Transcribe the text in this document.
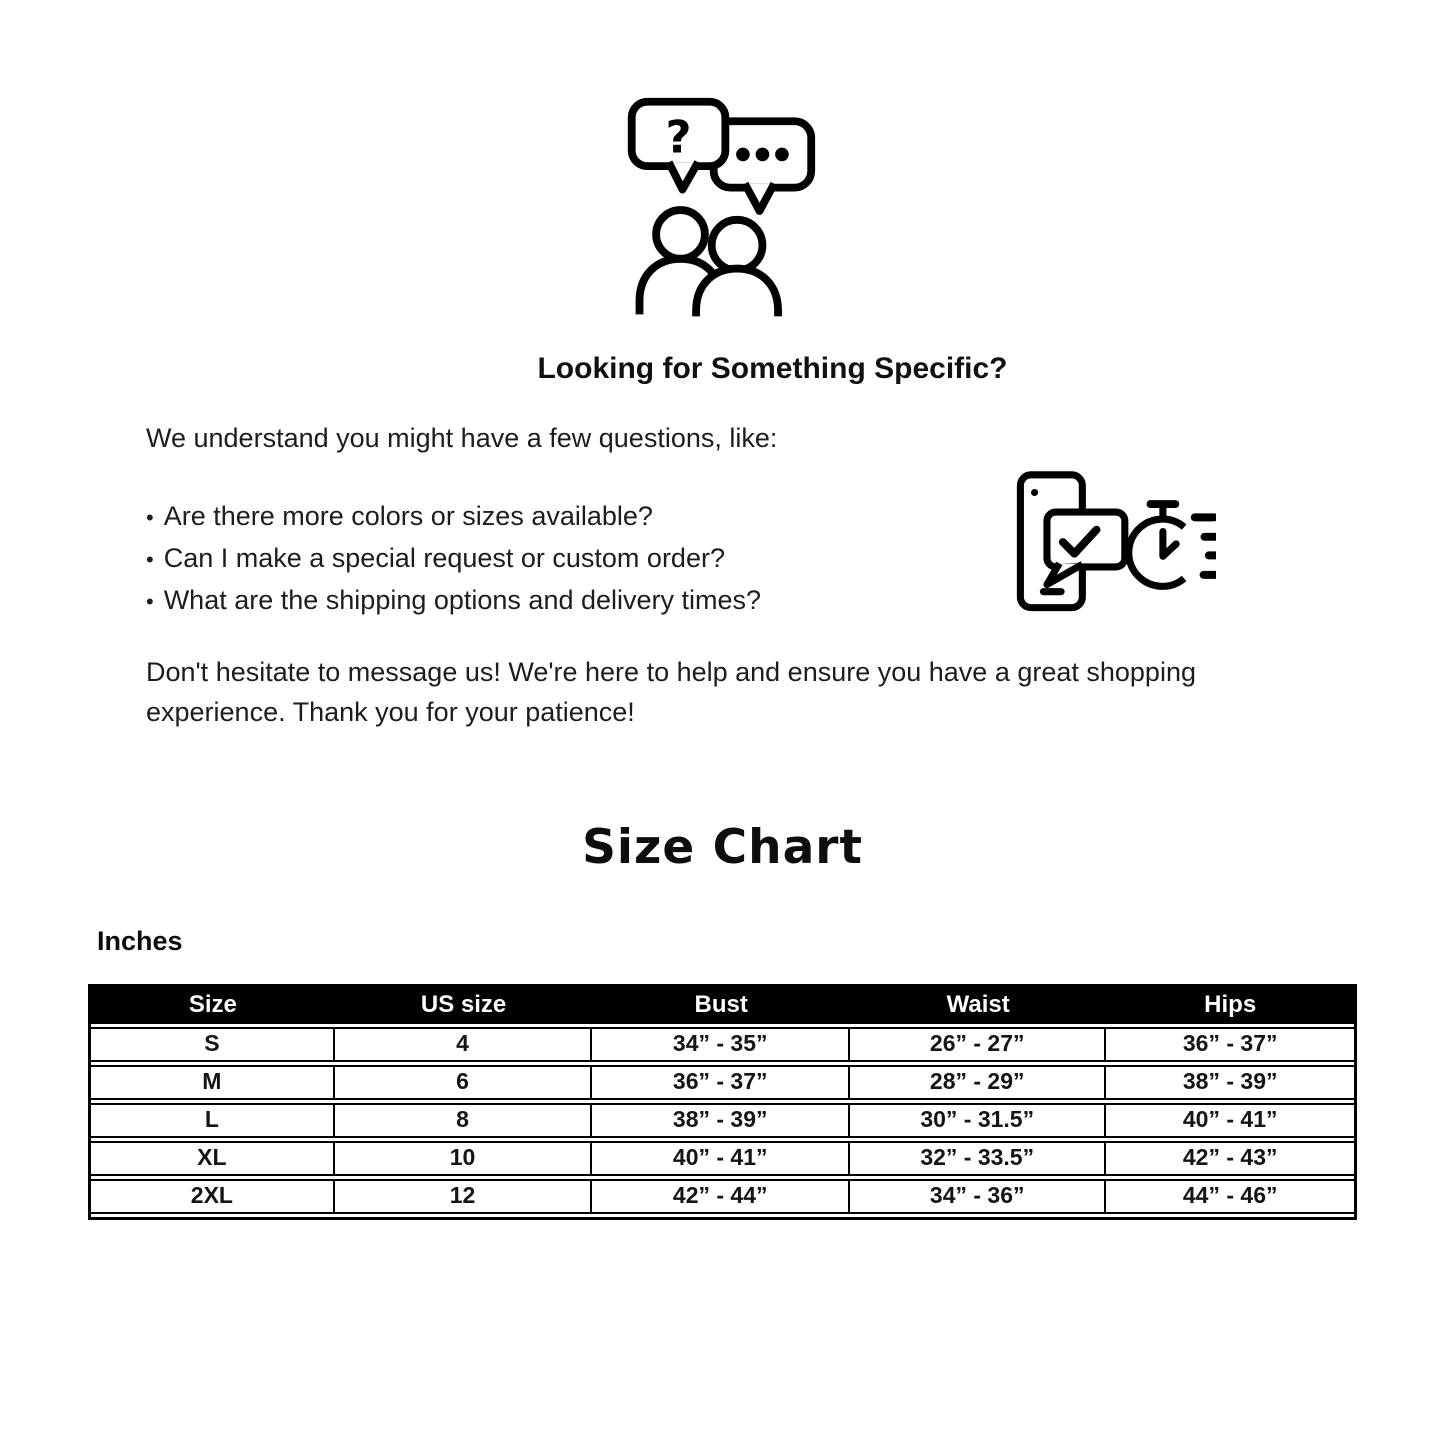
?
Looking for Something Specific?

We understand you might have a few questions, like:

• Are there more colors or sizes available?
• Can I make a special request or custom order?
• What are the shipping options and delivery times?

Don't hesitate to message us! We're here to help and ensure you have a great shopping experience. Thank you for your patience!

Size Chart
Inches
Size	US size	Bust	Waist	Hips
S	4	34” - 35”	26” - 27”	36” - 37”
M	6	36” - 37”	28” - 29”	38” - 39”
L	8	38” - 39”	30” - 31.5”	40” - 41”
XL	10	40” - 41”	32” - 33.5”	42” - 43”
2XL	12	42” - 44”	34” - 36”	44” - 46”
